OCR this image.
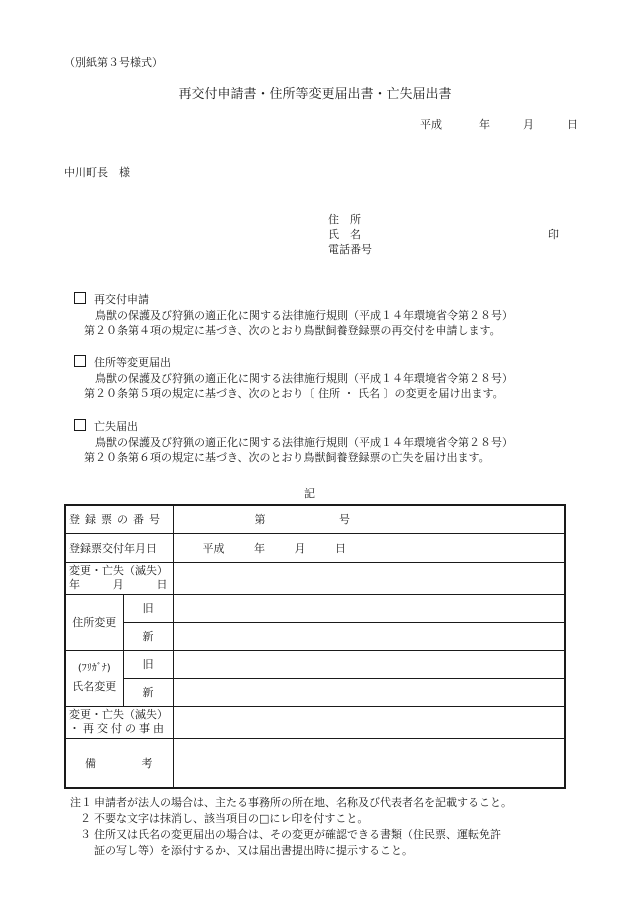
（別紙第３号様式）
再交付申請書・住所等変更届出書・亡失届出書
平成	年	月	日
中川町長　様
住　所
氏　名	印
電話番号
再交付申請
鳥獣の保護及び狩猟の適正化に関する法律施行規則（平成１４年環境省令第２８号）
第２０条第４項の規定に基づき、次のとおり鳥獣飼養登録票の再交付を申請します。
住所等変更届出
鳥獣の保護及び狩猟の適正化に関する法律施行規則（平成１４年環境省令第２８号）
第２０条第５項の規定に基づき、次のとおり〔 住所 ・ 氏名 〕の変更を届け出ます。
亡失届出
鳥獣の保護及び狩猟の適正化に関する法律施行規則（平成１４年環境省令第２８号）
第２０条第６項の規定に基づき、次のとおり鳥獣飼養登録票の亡失を届け出ます。
記
登録票の番号		第 号
登録票交付年月日		平成 年 月 日

変更・亡失（滅失）
年 月 日		

住所変更	旧	
	新	

(ﾌﾘｶﾞﾅ)
氏名変更	旧	
	新	

変更・亡失（滅失）
・再交付の事由		

備 考		
注１ 申請者が法人の場合は、主たる事務所の所在地、名称及び代表者名を記載すること。
２ 不要な文字は抹消し、該当項目の□にレ印を付すこと。
３ 住所又は氏名の変更届出の場合は、その変更が確認できる書類（住民票、運転免許
証の写し等）を添付するか、又は届出書提出時に提示すること。
